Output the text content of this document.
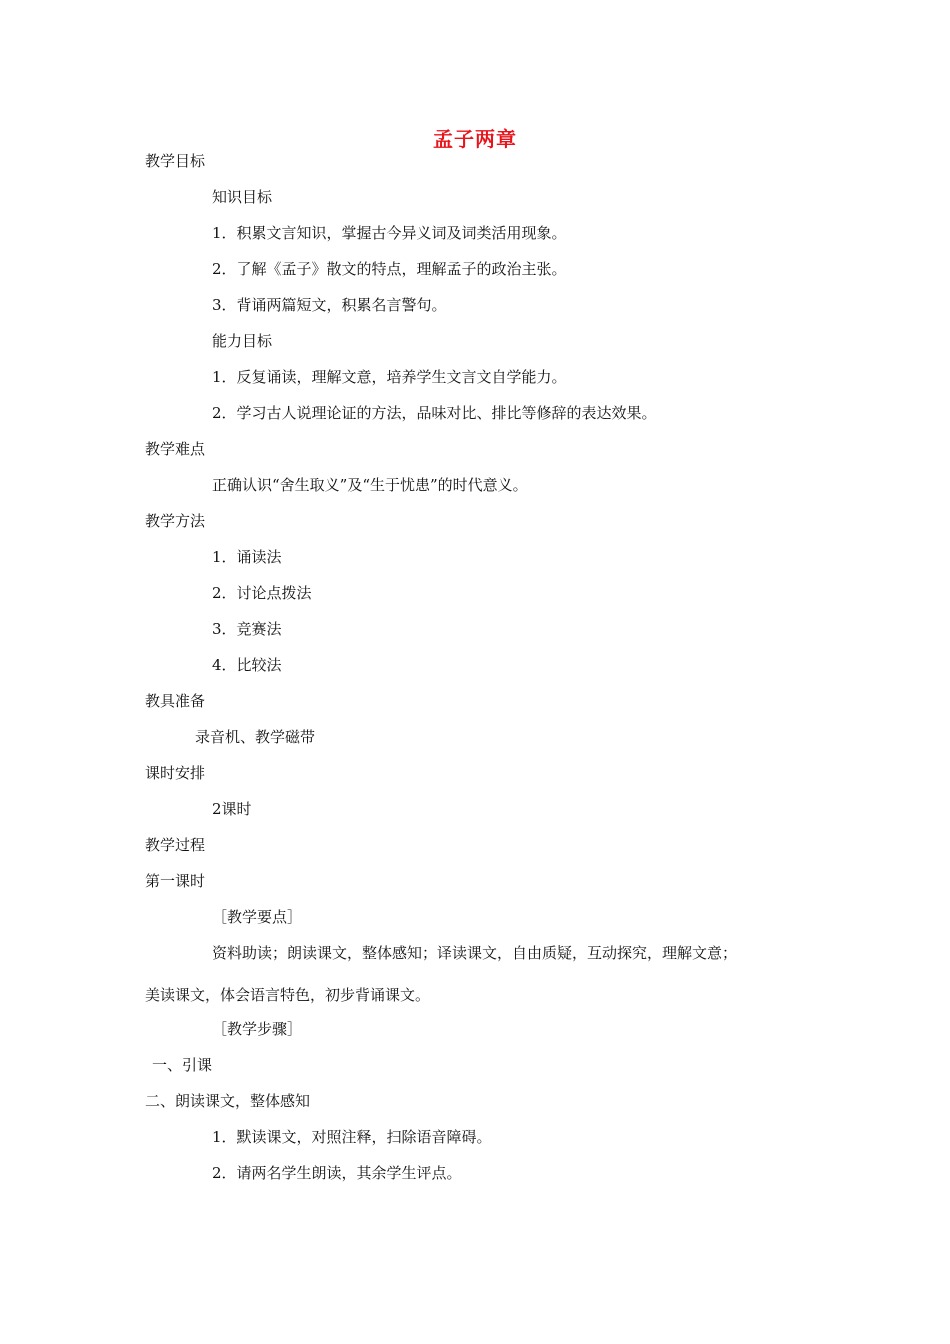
孟子两章
教学目标
知识目标
1．积累文言知识，掌握古今异义词及词类活用现象。
2．了解《孟子》散文的特点，理解孟子的政治主张。
3．背诵两篇短文，积累名言警句。
能力目标
1．反复诵读，理解文意，培养学生文言文自学能力。
2．学习古人说理论证的方法，品味对比、排比等修辞的表达效果。
教学难点
正确认识“舍生取义”及“生于忧患”的时代意义。
教学方法
1．诵读法
2．讨论点拨法
3．竞赛法
4．比较法
教具准备
录音机、教学磁带
课时安排
2课时
教学过程
第一课时
［教学要点］
资料助读；朗读课文，整体感知；译读课文，自由质疑，互动探究，理解文意；
美读课文，体会语言特色，初步背诵课文。
［教学步骤］
一、引课
二、朗读课文，整体感知
1．默读课文，对照注释，扫除语音障碍。
2．请两名学生朗读，其余学生评点。
